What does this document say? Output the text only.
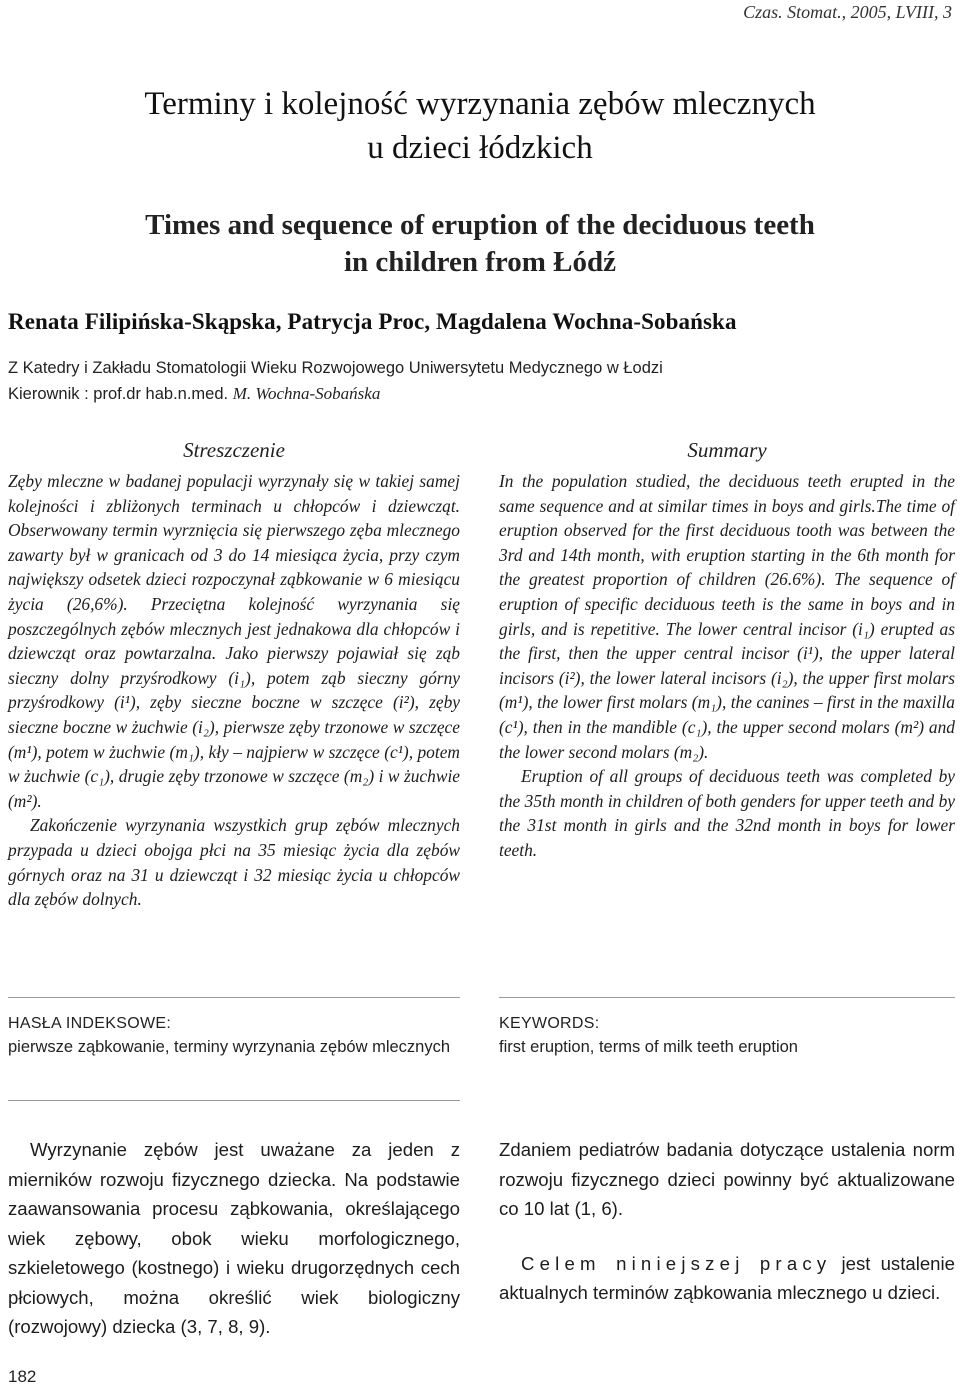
Czas. Stomat., 2005, LVIII, 3
Terminy i kolejność wyrzynania zębów mlecznych
u dzieci łódzkich
Times and sequence of eruption of the deciduous teeth
in children from Łódź
Renata Filipińska-Skąpska, Patrycja Proc, Magdalena Wochna-Sobańska
Z Katedry i Zakładu Stomatologii Wieku Rozwojowego Uniwersytetu Medycznego w Łodzi
Kierownik : prof.dr hab.n.med. M. Wochna-Sobańska
Streszczenie

Zęby mleczne w badanej populacji wyrzynały się w takiej samej kolejności i zbliżonych terminach u chłopców i dziewcząt. Obserwowany termin wyrznięcia się pierwszego zęba mlecznego zawarty był w granicach od 3 do 14 miesiąca życia, przy czym największy odsetek dzieci rozpoczynał ząbkowanie w 6 miesiącu życia (26,6%). Przeciętna kolejność wyrzynania się poszczególnych zębów mlecznych jest jednakowa dla chłopców i dziewcząt oraz powtarzalna. Jako pierwszy pojawiał się ząb sieczny dolny przyśrodkowy (i₁), potem ząb sieczny górny przyśrodkowy (i¹), zęby sieczne boczne w szczęce (i²), zęby sieczne boczne w żuchwie (i₂), pierwsze zęby trzonowe w szczęce (m¹), potem w żuchwie (m₁), kły – najpierw w szczęce (c¹), potem w żuchwie (c₁), drugie zęby trzonowe w szczęce (m₂) i w żuchwie (m²).

Zakończenie wyrzynania wszystkich grup zębów mlecznych przypada u dzieci obojga płci na 35 miesiąc życia dla zębów górnych oraz na 31 u dziewcząt i 32 miesiąc życia u chłopców dla zębów dolnych.

Summary

In the population studied, the deciduous teeth erupted in the same sequence and at similar times in boys and girls.The time of eruption observed for the first deciduous tooth was between the 3rd and 14th month, with eruption starting in the 6th month for the greatest proportion of children (26.6%). The sequence of eruption of specific deciduous teeth is the same in boys and in girls, and is repetitive. The lower central incisor (i₁) erupted as the first, then the upper central incisor (i¹), the upper lateral incisors (i²), the lower lateral incisors (i₂), the upper first molars (m¹), the lower first molars (m₁), the canines – first in the maxilla (c¹), then in the mandible (c₁), the upper second molars (m²) and the lower second molars (m₂).

Eruption of all groups of deciduous teeth was completed by the 35th month in children of both genders for upper teeth and by the 31st month in girls and the 32nd month in boys for lower teeth.

HASŁA INDEKSOWE:
pierwsze ząbkowanie, terminy wyrzynania zębów mlecznych
KEYWORDS:
first eruption, terms of milk teeth eruption

Wyrzynanie zębów jest uważane za jeden z mierników rozwoju fizycznego dziecka. Na podstawie zaawansowania procesu ząbkowania, określającego wiek zębowy, obok wieku morfologicznego, szkieletowego (kostnego) i wieku drugorzędnych cech płciowych, można określić wiek biologiczny (rozwojowy) dziecka (3, 7, 8, 9).

Zdaniem pediatrów badania dotyczące ustalenia norm rozwoju fizycznego dzieci powinny być aktualizowane co 10 lat (1, 6).

Celem niniejszej pracy jest ustalenie aktualnych terminów ząbkowania mlecznego u dzieci.

182
